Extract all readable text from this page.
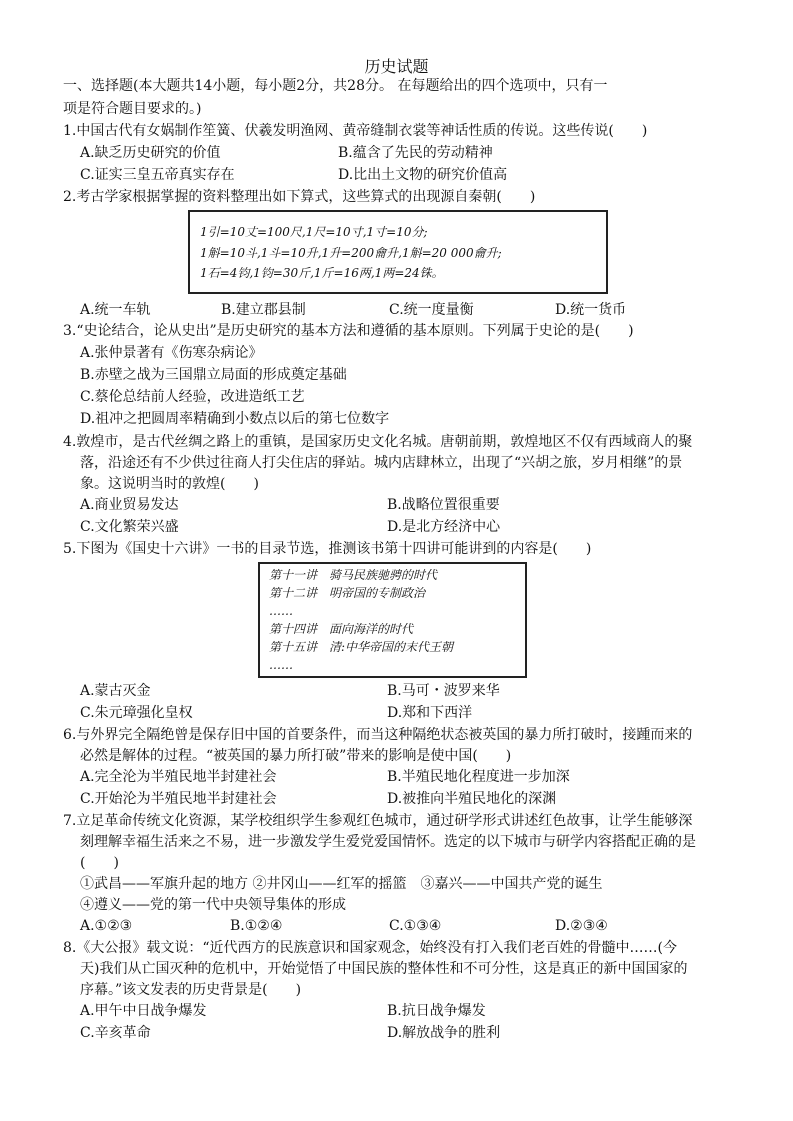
历史试题
一、选择题(本大题共14小题，每小题2分，共28分。 在每题给出的四个选项中，只有一
项是符合题目要求的。)
1.中国古代有女娲制作笙簧、伏羲发明渔网、黄帝缝制衣裳等神话性质的传说。这些传说(　　)
A.缺乏历史研究的价值	B.蕴含了先民的劳动精神
C.证实三皇五帝真实存在	D.比出土文物的研究价值高
2.考古学家根据掌握的资料整理出如下算式，这些算式的出现源自秦朝(　　)
1引=10丈=100尺,1尺=10寸,1寸=10分;
1斛=10斗,1斗=10升,1升=200龠升,1斛=20 000龠升;
1石=4钧,1钧=30斤,1斤=16两,1两=24铢。
A.统一车轨	B.建立郡县制	C.统一度量衡	D.统一货币
3.“史论结合，论从史出”是历史研究的基本方法和遵循的基本原则。下列属于史论的是(　　)
A.张仲景著有《伤寒杂病论》
B.赤壁之战为三国鼎立局面的形成奠定基础
C.蔡伦总结前人经验，改进造纸工艺
D.祖冲之把圆周率精确到小数点以后的第七位数字
4.敦煌市，是古代丝绸之路上的重镇，是国家历史文化名城。唐朝前期，敦煌地区不仅有西域商人的聚
落，沿途还有不少供过往商人打尖住店的驿站。城内店肆林立，出现了“兴胡之旅，岁月相继”的景
象。这说明当时的敦煌(　　)
A.商业贸易发达	B.战略位置很重要
C.文化繁荣兴盛	D.是北方经济中心
5.下图为《国史十六讲》一书的目录节选，推测该书第十四讲可能讲到的内容是(　　)
第十一讲　骑马民族驰骋的时代
第十二讲　明帝国的专制政治
……
第十四讲　面向海洋的时代
第十五讲　清:中华帝国的末代王朝
……
A.蒙古灭金	B.马可・波罗来华
C.朱元璋强化皇权	D.郑和下西洋
6.与外界完全隔绝曾是保存旧中国的首要条件，而当这种隔绝状态被英国的暴力所打破时，接踵而来的
必然是解体的过程。“被英国的暴力所打破”带来的影响是使中国(　　)
A.完全沦为半殖民地半封建社会	B.半殖民地化程度进一步加深
C.开始沦为半殖民地半封建社会	D.被推向半殖民地化的深渊
7.立足革命传统文化资源，某学校组织学生参观红色城市，通过研学形式讲述红色故事，让学生能够深
刻理解幸福生活来之不易，进一步激发学生爱党爱国情怀。选定的以下城市与研学内容搭配正确的是
(　　)
①武昌——军旗升起的地方 ②井冈山——红军的摇篮　③嘉兴——中国共产党的诞生
④遵义——党的第一代中央领导集体的形成
A.①②③	B.①②④	C.①③④	D.②③④
8.《大公报》载文说：“近代西方的民族意识和国家观念，始终没有打入我们老百姓的骨髓中……(今
天)我们从亡国灭种的危机中，开始觉悟了中国民族的整体性和不可分性，这是真正的新中国国家的
序幕。”该文发表的历史背景是(　　)
A.甲午中日战争爆发	B.抗日战争爆发
C.辛亥革命	D.解放战争的胜利
